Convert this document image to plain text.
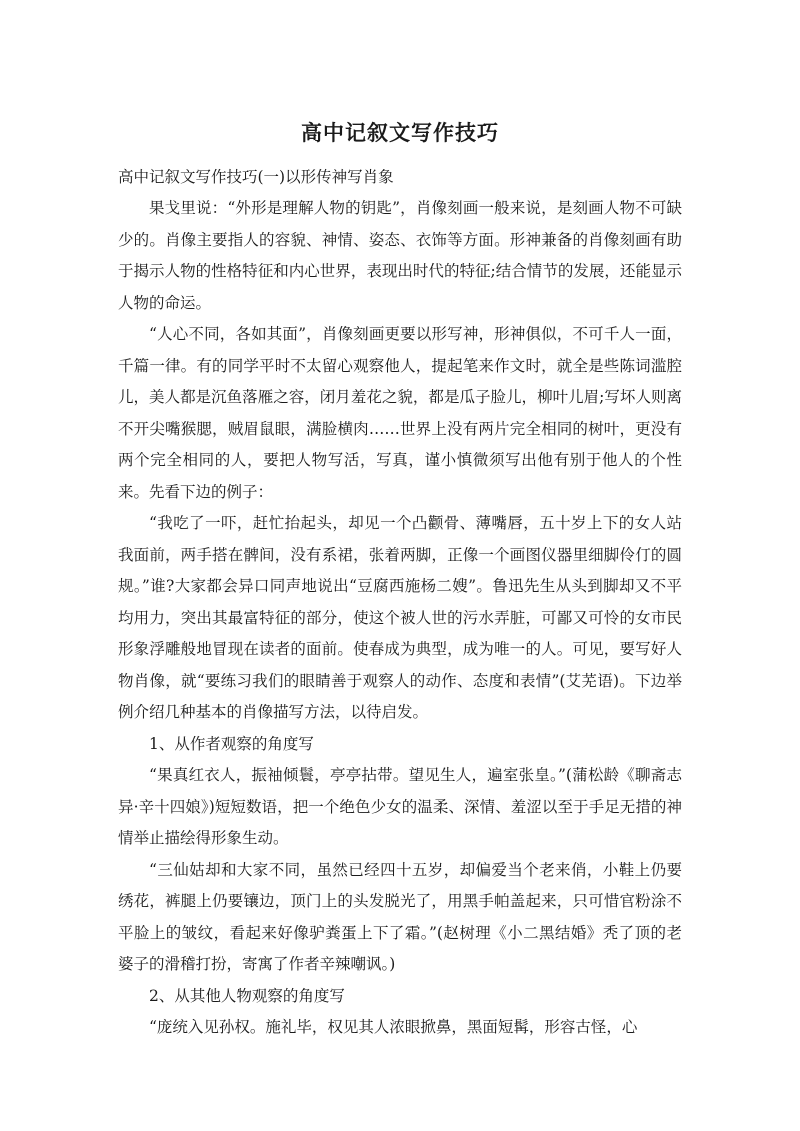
高中记叙文写作技巧
高中记叙文写作技巧(一)以形传神写肖象

果戈里说：“外形是理解人物的钥匙”，肖像刻画一般来说，是刻画人物不可缺少的。肖像主要指人的容貌、神情、姿态、衣饰等方面。形神兼备的肖像刻画有助于揭示人物的性格特征和内心世界，表现出时代的特征;结合情节的发展，还能显示人物的命运。

“人心不同，各如其面”，肖像刻画更要以形写神，形神俱似，不可千人一面，千篇一律。有的同学平时不太留心观察他人，提起笔来作文时，就全是些陈词滥腔儿，美人都是沉鱼落雁之容，闭月羞花之貌，都是瓜子脸儿，柳叶儿眉;写坏人则离不开尖嘴猴腮，贼眉鼠眼，满脸横肉……世界上没有两片完全相同的树叶，更没有两个完全相同的人，要把人物写活，写真，谨小慎微须写出他有别于他人的个性来。先看下边的例子：

“我吃了一吓，赶忙抬起头，却见一个凸颧骨、薄嘴唇，五十岁上下的女人站我面前，两手搭在髀间，没有系裙，张着两脚，正像一个画图仪器里细脚伶仃的圆规。”谁?大家都会异口同声地说出“豆腐西施杨二嫂”。鲁迅先生从头到脚却又不平均用力，突出其最富特征的部分，使这个被人世的污水弄脏，可鄙又可怜的女市民形象浮雕般地冒现在读者的面前。使春成为典型，成为唯一的人。可见，要写好人物肖像，就“要练习我们的眼睛善于观察人的动作、态度和表情”(艾芜语)。下边举例介绍几种基本的肖像描写方法，以待启发。

1、从作者观察的角度写

“果真红衣人，振袖倾鬟，亭亭拈带。望见生人，遍室张皇。”(蒲松龄《聊斋志异·辛十四娘》)短短数语，把一个绝色少女的温柔、深情、羞涩以至于手足无措的神情举止描绘得形象生动。

“三仙姑却和大家不同，虽然已经四十五岁，却偏爱当个老来俏，小鞋上仍要绣花，裤腿上仍要镶边，顶门上的头发脱光了，用黑手帕盖起来，只可惜官粉涂不平脸上的皱纹，看起来好像驴粪蛋上下了霜。”(赵树理《小二黑结婚》秃了顶的老婆子的滑稽打扮，寄寓了作者辛辣嘲讽。)

2、从其他人物观察的角度写

“庞统入见孙权。施礼毕，权见其人浓眼掀鼻，黑面短髯，形容古怪，心
